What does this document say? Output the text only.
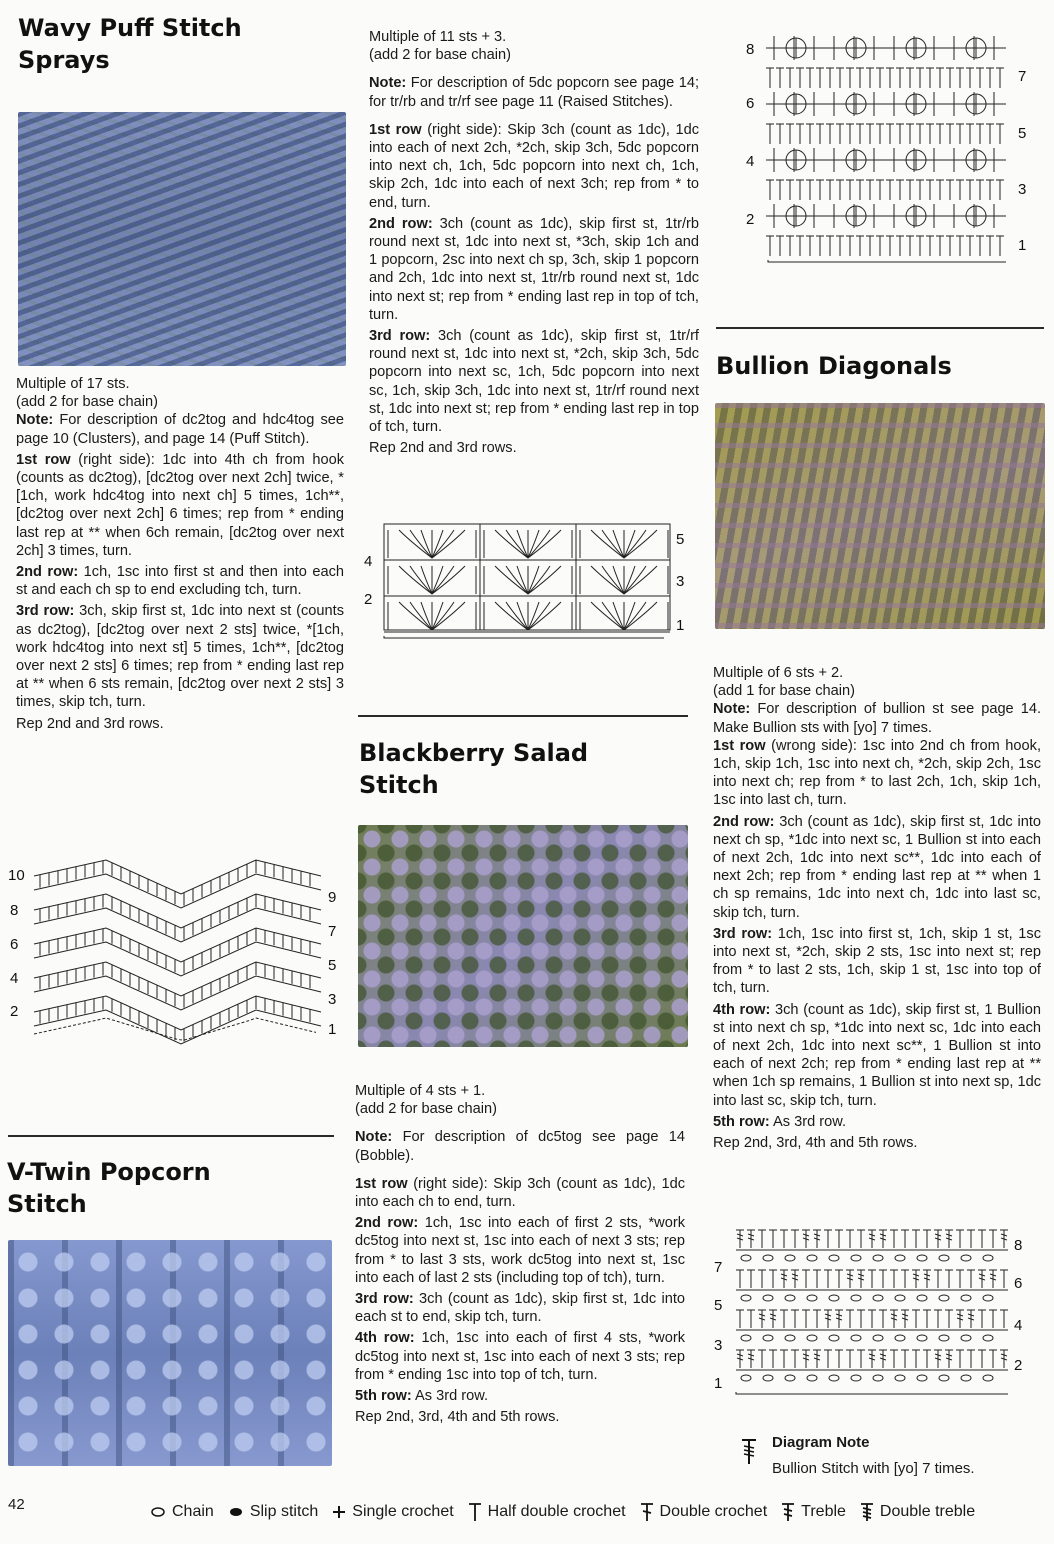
Wavy Puff Stitch
Sprays

Multiple of 17 sts.

(add 2 for base chain)

Note: For description of dc2tog and hdc4tog see page 10 (Clusters), and page 14 (Puff Stitch).

1st row (right side): 1dc into 4th ch from hook (counts as dc2tog), [dc2tog over next 2ch] twice, *[1ch, work hdc4tog into next ch] 5 times, 1ch**, [dc2tog over next 2ch] 6 times; rep from * ending last rep at ** when 6ch remain, [dc2tog over next 2ch] 3 times, turn.

2nd row: 1ch, 1sc into first st and then into each st and each ch sp to end excluding tch, turn.

3rd row: 3ch, skip first st, 1dc into next st (counts as dc2tog), [dc2tog over next 2 sts] twice, *[1ch, work hdc4tog into next st] 5 times, 1ch**, [dc2tog over next 2 sts] 6 times; rep from * ending last rep at ** when 6 sts remain, [dc2tog over next 2 sts] 3 times, skip tch, turn.

Rep 2nd and 3rd rows.

10
8
6
4
2
9
7
5
3
1
V-Twin Popcorn
Stitch

Multiple of 11 sts + 3.

(add 2 for base chain)

Note: For description of 5dc popcorn see page 14; for tr/rb and tr/rf see page 11 (Raised Stitches).

1st row (right side): Skip 3ch (count as 1dc), 1dc into each of next 2ch, *2ch, skip 3ch, 5dc popcorn into next ch, 1ch, 5dc popcorn into next ch, 1ch, skip 2ch, 1dc into each of next 3ch; rep from * to end, turn.

2nd row: 3ch (count as 1dc), skip first st, 1tr/rb round next st, 1dc into next st, *3ch, skip 1ch and 1 popcorn, 2sc into next ch sp, 3ch, skip 1 popcorn and 2ch, 1dc into next st, 1tr/rb round next st, 1dc into next st; rep from * ending last rep in top of tch, turn.

3rd row: 3ch (count as 1dc), skip first st, 1tr/rf round next st, 1dc into next st, *2ch, skip 3ch, 5dc popcorn into next sc, 1ch, 5dc popcorn into next sc, 1ch, skip 3ch, 1dc into next st, 1tr/rf round next st, 1dc into next st; rep from * ending last rep in top of tch, turn.

Rep 2nd and 3rd rows.

4
2
5
3
1
Blackberry Salad
Stitch

Multiple of 4 sts + 1.

(add 2 for base chain)

Note: For description of dc5tog see page 14 (Bobble).

1st row (right side): Skip 3ch (count as 1dc), 1dc into each ch to end, turn.

2nd row: 1ch, 1sc into each of first 2 sts, *work dc5tog into next st, 1sc into each of next 3 sts; rep from * to last 3 sts, work dc5tog into next st, 1sc into each of last 2 sts (including top of tch), turn.

3rd row: 3ch (count as 1dc), skip first st, 1dc into each st to end, skip tch, turn.

4th row: 1ch, 1sc into each of first 4 sts, *work dc5tog into next st, 1sc into each of next 3 sts; rep from * ending 1sc into top of tch, turn.

5th row: As 3rd row.

Rep 2nd, 3rd, 4th and 5th rows.

8
6
4
2
7
5
3
1
Bullion Diagonals

Multiple of 6 sts + 2.

(add 1 for base chain)

Note: For description of bullion st see page 14. Make Bullion sts with [yo] 7 times.

1st row (wrong side): 1sc into 2nd ch from hook, 1ch, skip 1ch, 1sc into next ch, *2ch, skip 2ch, 1sc into next ch; rep from * to last 2ch, 1ch, skip 1ch, 1sc into last ch, turn.

2nd row: 3ch (count as 1dc), skip first st, 1dc into next ch sp, *1dc into next sc, 1 Bullion st into each of next 2ch, 1dc into next sc**, 1dc into each of next 2ch; rep from * ending last rep at ** when 1 ch sp remains, 1dc into next ch, 1dc into last sc, skip tch, turn.

3rd row: 1ch, 1sc into first st, 1ch, skip 1 st, 1sc into next st, *2ch, skip 2 sts, 1sc into next st; rep from * to last 2 sts, 1ch, skip 1 st, 1sc into top of tch, turn.

4th row: 3ch (count as 1dc), skip first st, 1 Bullion st into next ch sp, *1dc into next sc, 1dc into each of next 2ch, 1dc into next sc**, 1 Bullion st into each of next 2ch; rep from * ending last rep at ** when 1ch sp remains, 1 Bullion st into next sp, 1dc into last sc, skip tch, turn.

5th row: As 3rd row.

Rep 2nd, 3rd, 4th and 5th rows.

7
5
3
1
8
6
4
2
Diagram Note
Bullion Stitch with [yo] 7 times.
42	Chain Slip stitch Single crochet Half double crochet Double crochet Treble Double treble
